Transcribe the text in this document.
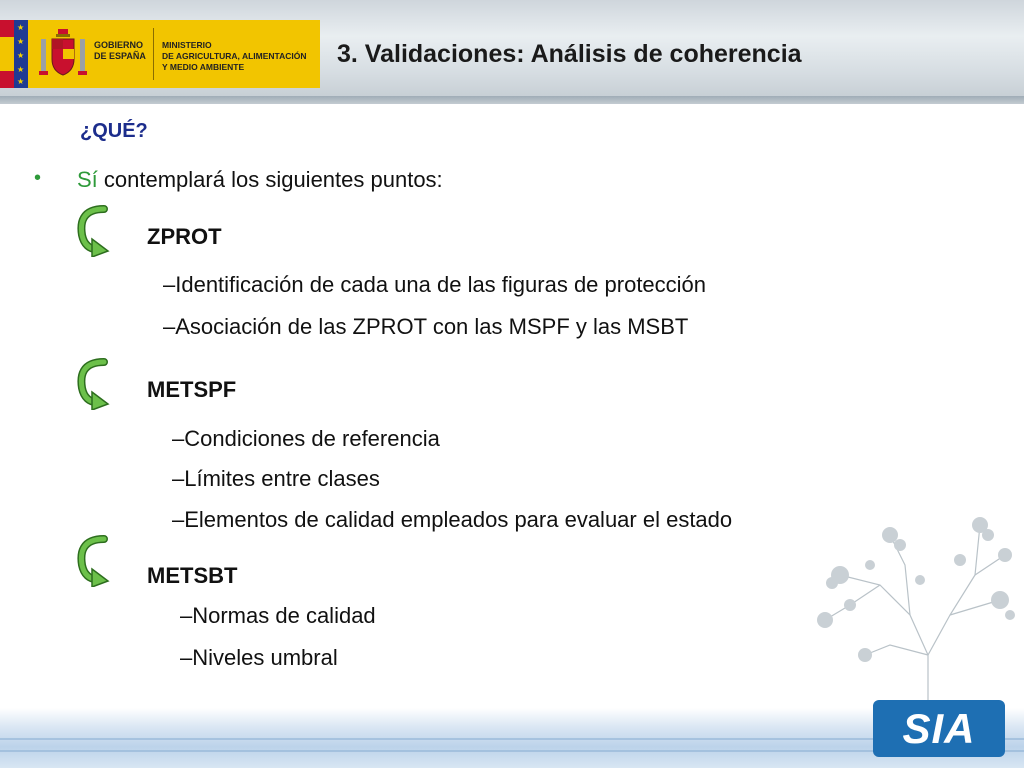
★
★
★
★
★
GOBIERNO DE ESPAÑA
MINISTERIO
DE AGRICULTURA, ALIMENTACIÓN
Y MEDIO AMBIENTE	3. Validaciones: Análisis de coherencia
¿QUÉ?
• Sí contemplará los siguientes puntos:
ZPROT
–Identificación de cada una de las figuras de protección
–Asociación de las ZPROT con las MSPF y las MSBT
METSPF
–Condiciones de referencia
–Límites entre clases
–Elementos de calidad empleados para evaluar el estado
METSBT
–Normas de calidad
–Niveles umbral
SIA
